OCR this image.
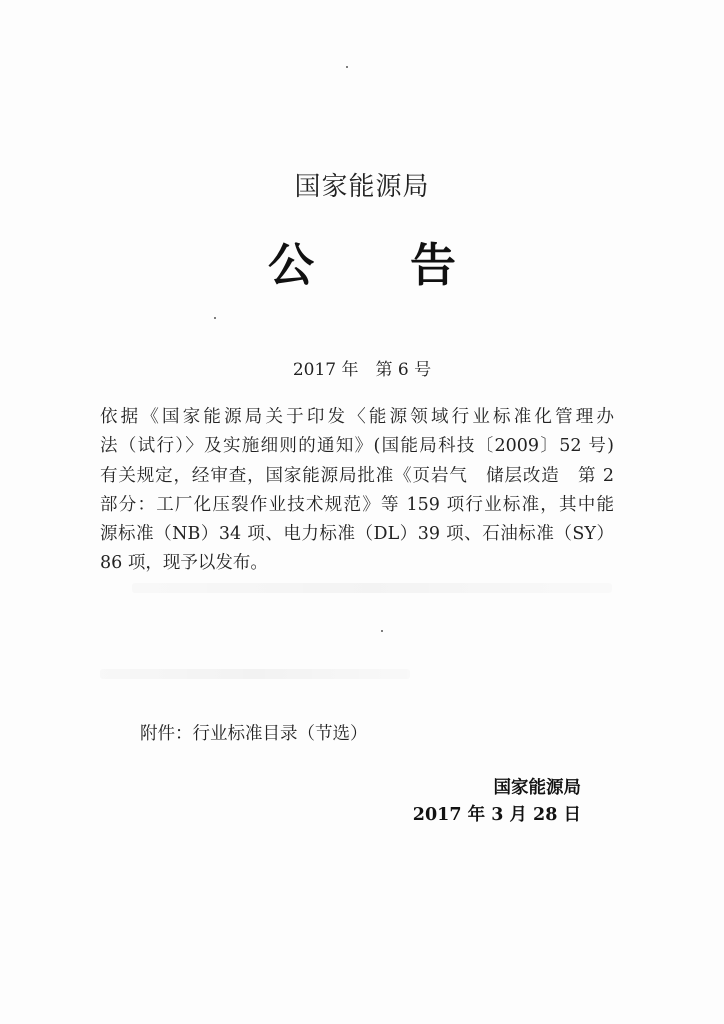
国家能源局
公 告
2017 年　第 6 号
依据《国家能源局关于印发〈能源领域行业标准化管理办
法（试行）〉及实施细则的通知》(国能局科技〔2009〕52 号)
有关规定，经审查，国家能源局批准《页岩气　储层改造　第 2
部分：工厂化压裂作业技术规范》等 159 项行业标准，其中能
源标准（NB）34 项、电力标准（DL）39 项、石油标准（SY）
86 项，现予以发布。
附件：行业标准目录（节选）
国家能源局
2017 年 3 月 28 日
